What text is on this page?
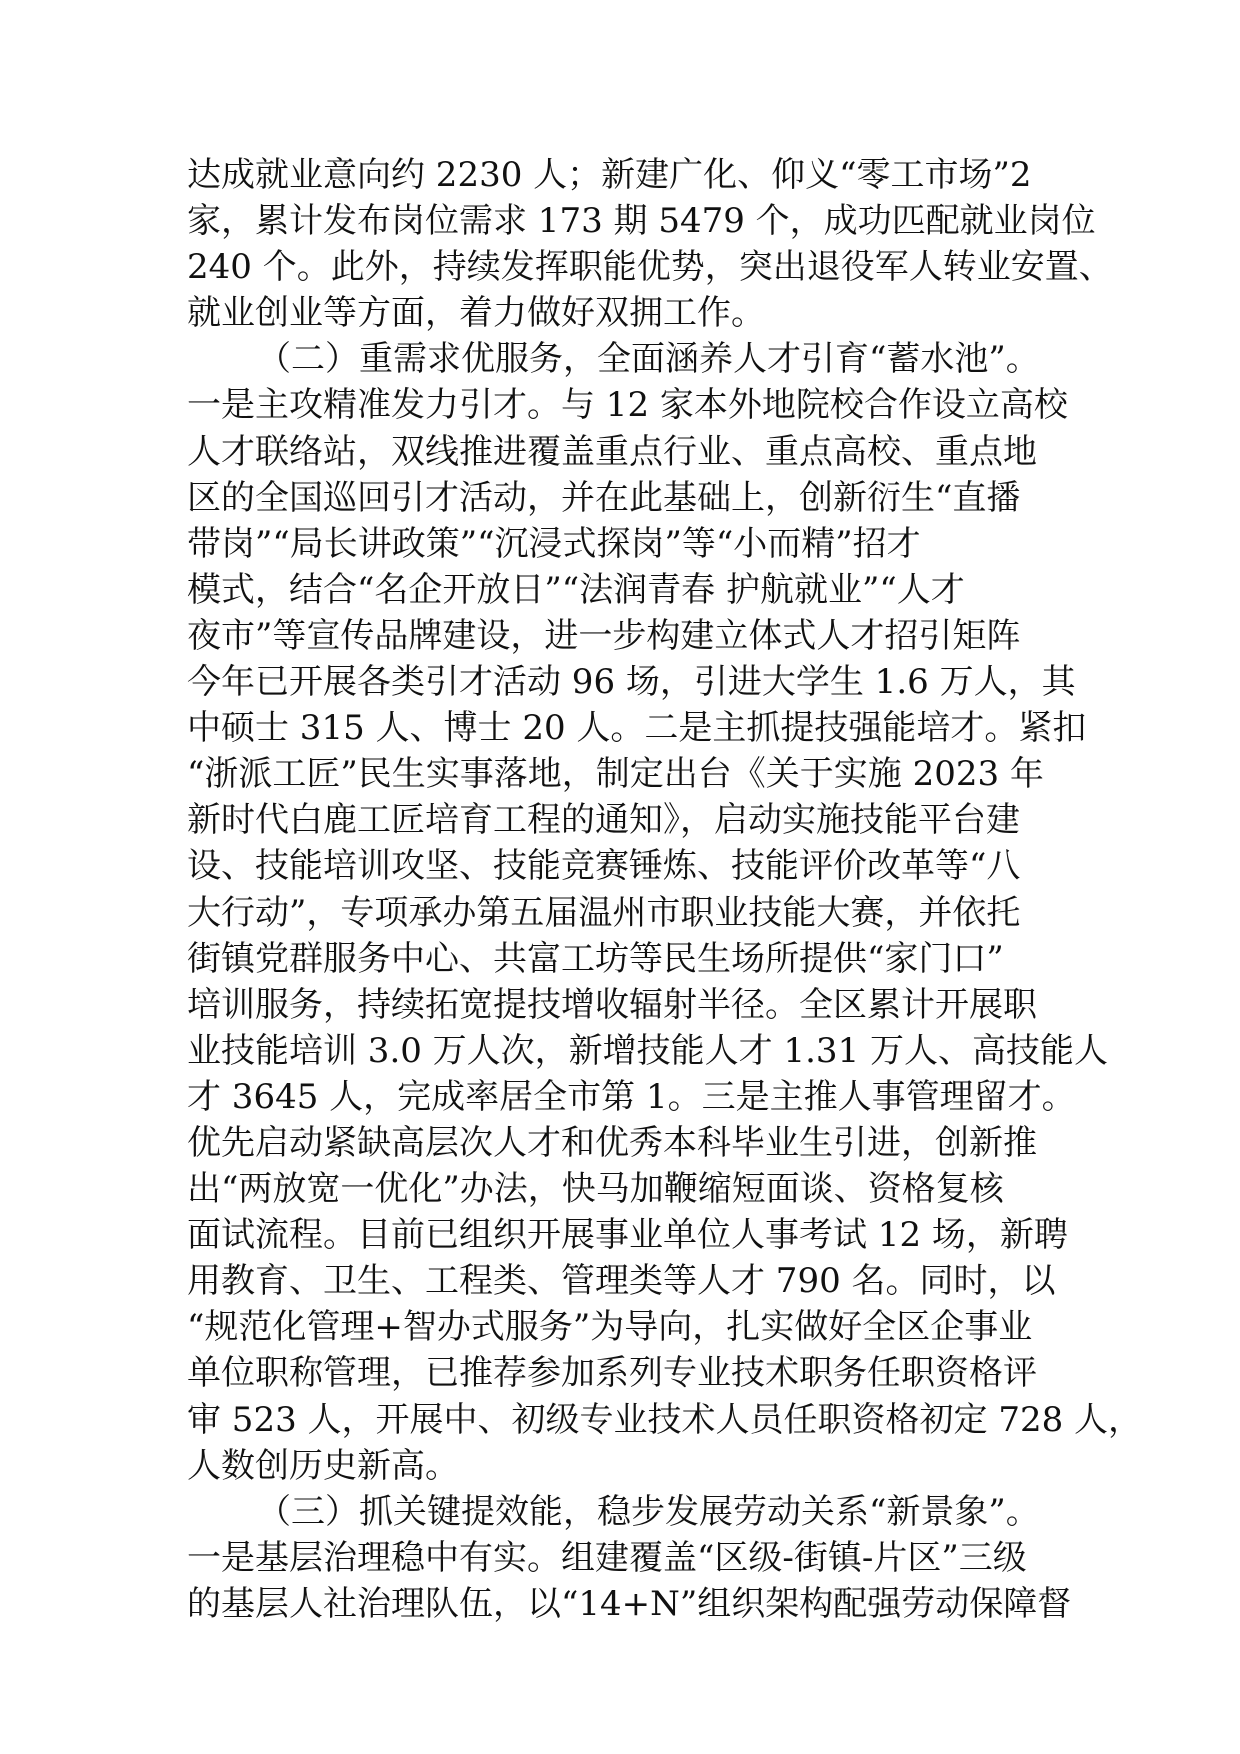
达成就业意向约 2230 人；新建广化、仰义“零工市场”2
家，累计发布岗位需求 173 期 5479 个，成功匹配就业岗位
240 个。此外，持续发挥职能优势，突出退役军人转业安置、
就业创业等方面，着力做好双拥工作。
（二）重需求优服务，全面涵养人才引育“蓄水池”。
一是主攻精准发力引才。与 12 家本外地院校合作设立高校
人才联络站，双线推进覆盖重点行业、重点高校、重点地
区的全国巡回引才活动，并在此基础上，创新衍生“直播
带岗”“局长讲政策”“沉浸式探岗”等“小而精”招才
模式，结合“名企开放日”“法润青春 护航就业”“人才
夜市”等宣传品牌建设，进一步构建立体式人才招引矩阵
今年已开展各类引才活动 96 场，引进大学生 1.6 万人，其
中硕士 315 人、博士 20 人。二是主抓提技强能培才。紧扣
“浙派工匠”民生实事落地，制定出台《关于实施 2023 年
新时代白鹿工匠培育工程的通知》，启动实施技能平台建
设、技能培训攻坚、技能竞赛锤炼、技能评价改革等“八
大行动”，专项承办第五届温州市职业技能大赛，并依托
街镇党群服务中心、共富工坊等民生场所提供“家门口”
培训服务，持续拓宽提技增收辐射半径。全区累计开展职
业技能培训 3.0 万人次，新增技能人才 1.31 万人、高技能人
才 3645 人，完成率居全市第 1。三是主推人事管理留才。
优先启动紧缺高层次人才和优秀本科毕业生引进，创新推
出“两放宽一优化”办法，快马加鞭缩短面谈、资格复核
面试流程。目前已组织开展事业单位人事考试 12 场，新聘
用教育、卫生、工程类、管理类等人才 790 名。同时，以
“规范化管理+智办式服务”为导向，扎实做好全区企事业
单位职称管理，已推荐参加系列专业技术职务任职资格评
审 523 人，开展中、初级专业技术人员任职资格初定 728 人，
人数创历史新高。
（三）抓关键提效能，稳步发展劳动关系“新景象”。
一是基层治理稳中有实。组建覆盖“区级-街镇-片区”三级
的基层人社治理队伍，以“14+N”组织架构配强劳动保障督
